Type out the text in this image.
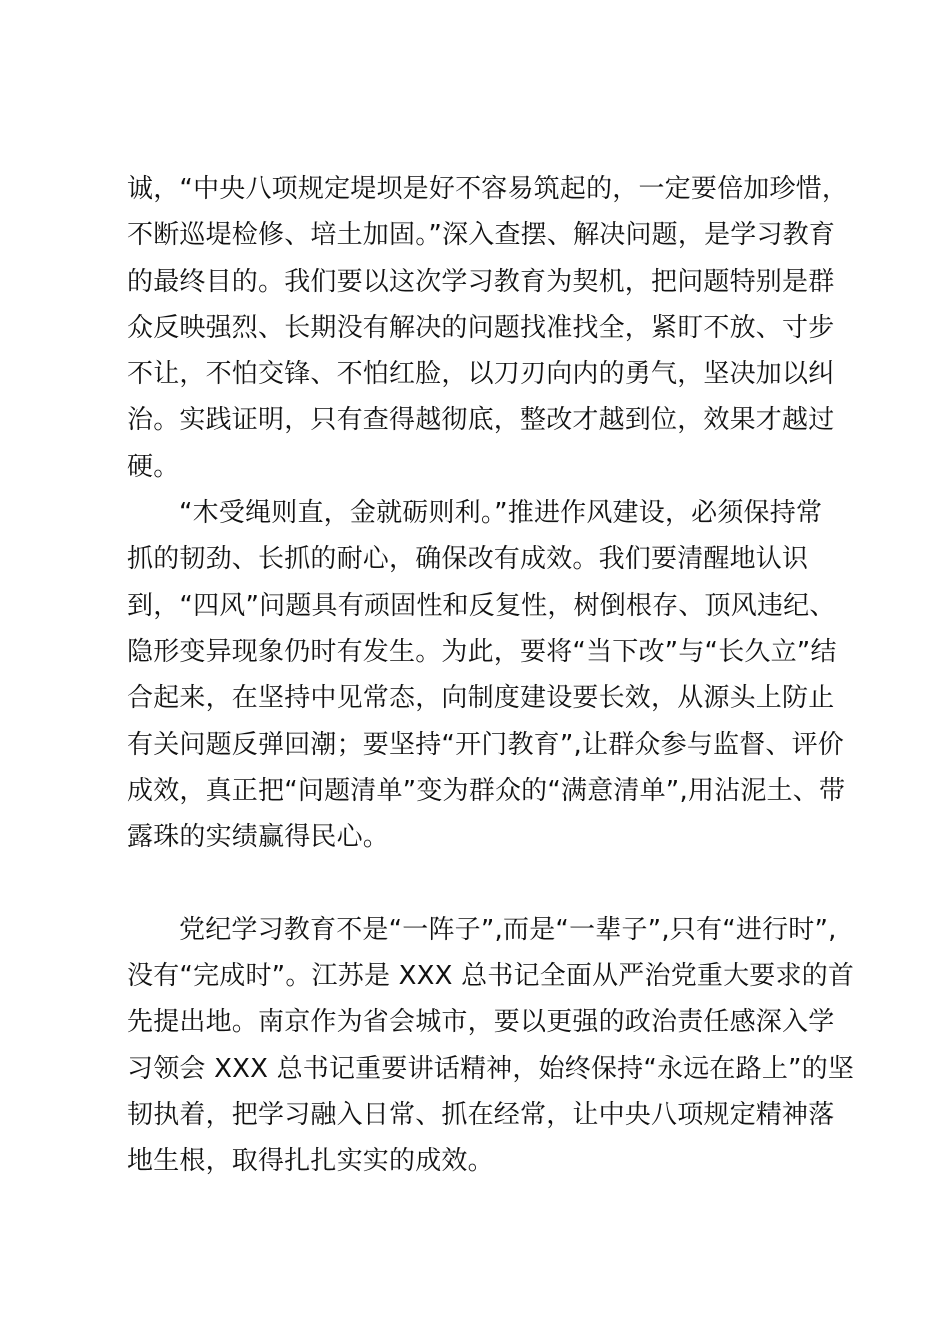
诚，“中央八项规定堤坝是好不容易筑起的，一定要倍加珍惜，
不断巡堤检修、培土加固。”深入查摆、解决问题，是学习教育
的最终目的。我们要以这次学习教育为契机，把问题特别是群
众反映强烈、长期没有解决的问题找准找全，紧盯不放、寸步
不让，不怕交锋、不怕红脸，以刀刃向内的勇气，坚决加以纠
治。实践证明，只有查得越彻底，整改才越到位，效果才越过
硬。
“木受绳则直，金就砺则利。”推进作风建设，必须保持常
抓的韧劲、长抓的耐心，确保改有成效。我们要清醒地认识
到，“四风”问题具有顽固性和反复性，树倒根存、顶风违纪、
隐形变异现象仍时有发生。为此，要将“当下改”与“长久立”结
合起来，在坚持中见常态，向制度建设要长效，从源头上防止
有关问题反弹回潮；要坚持“开门教育”,让群众参与监督、评价
成效，真正把“问题清单”变为群众的“满意清单”,用沾泥土、带
露珠的实绩赢得民心。
党纪学习教育不是“一阵子”,而是“一辈子”,只有“进行时”,
没有“完成时”。江苏是 XXX 总书记全面从严治党重大要求的首
先提出地。南京作为省会城市，要以更强的政治责任感深入学
习领会 XXX 总书记重要讲话精神，始终保持“永远在路上”的坚
韧执着，把学习融入日常、抓在经常，让中央八项规定精神落
地生根，取得扎扎实实的成效。
